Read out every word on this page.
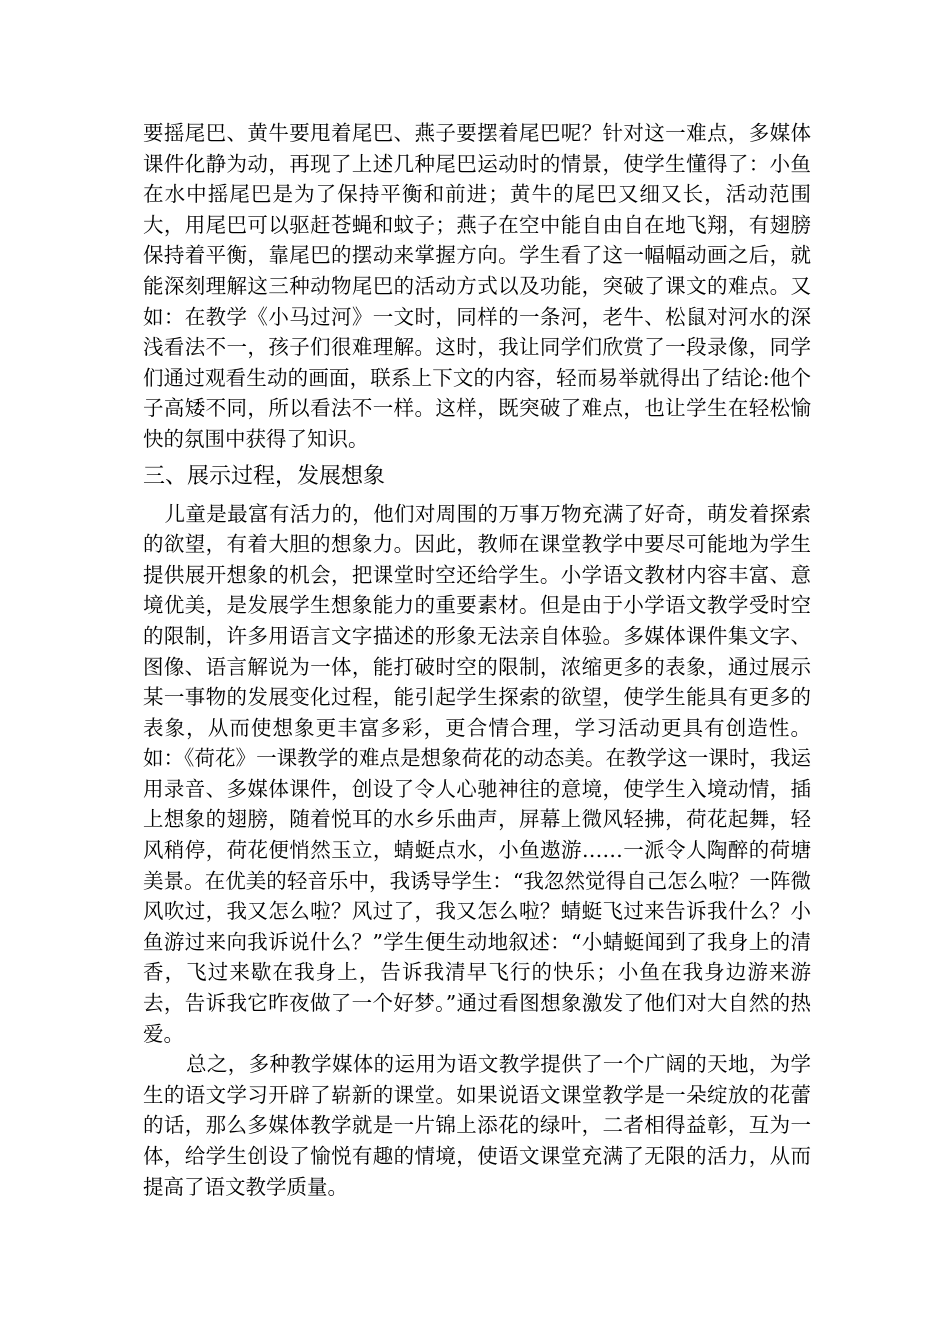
要摇尾巴、黄牛要甩着尾巴、燕子要摆着尾巴呢？针对这一难点，多媒体课件化静为动，再现了上述几种尾巴运动时的情景，使学生懂得了：小鱼在水中摇尾巴是为了保持平衡和前进；黄牛的尾巴又细又长，活动范围大，用尾巴可以驱赶苍蝇和蚊子；燕子在空中能自由自在地飞翔，有翅膀保持着平衡，靠尾巴的摆动来掌握方向。学生看了这一幅幅动画之后，就能深刻理解这三种动物尾巴的活动方式以及功能，突破了课文的难点。又如：在教学《小马过河》一文时，同样的一条河，老牛、松鼠对河水的深浅看法不一，孩子们很难理解。这时，我让同学们欣赏了一段录像，同学们通过观看生动的画面，联系上下文的内容，轻而易举就得出了结论:他个子高矮不同，所以看法不一样。这样，既突破了难点，也让学生在轻松愉快的氛围中获得了知识。

三、展示过程，发展想象

儿童是最富有活力的，他们对周围的万事万物充满了好奇，萌发着探索的欲望，有着大胆的想象力。因此，教师在课堂教学中要尽可能地为学生提供展开想象的机会，把课堂时空还给学生。小学语文教材内容丰富、意境优美，是发展学生想象能力的重要素材。但是由于小学语文教学受时空的限制，许多用语言文字描述的形象无法亲自体验。多媒体课件集文字、图像、语言解说为一体，能打破时空的限制，浓缩更多的表象，通过展示某一事物的发展变化过程，能引起学生探索的欲望，使学生能具有更多的表象，从而使想象更丰富多彩，更合情合理，学习活动更具有创造性。如：《荷花》一课教学的难点是想象荷花的动态美。在教学这一课时，我运用录音、多媒体课件，创设了令人心驰神往的意境，使学生入境动情，插上想象的翅膀，随着悦耳的水乡乐曲声，屏幕上微风轻拂，荷花起舞，轻风稍停，荷花便悄然玉立，蜻蜓点水，小鱼遨游……一派令人陶醉的荷塘美景。在优美的轻音乐中，我诱导学生：“我忽然觉得自己怎么啦？一阵微风吹过，我又怎么啦？风过了，我又怎么啦？蜻蜓飞过来告诉我什么？小鱼游过来向我诉说什么？”学生便生动地叙述：“小蜻蜓闻到了我身上的清香，飞过来歇在我身上，告诉我清早飞行的快乐；小鱼在我身边游来游去，告诉我它昨夜做了一个好梦。”通过看图想象激发了他们对大自然的热爱。

总之，多种教学媒体的运用为语文教学提供了一个广阔的天地，为学生的语文学习开辟了崭新的课堂。如果说语文课堂教学是一朵绽放的花蕾的话，那么多媒体教学就是一片锦上添花的绿叶，二者相得益彰，互为一体，给学生创设了愉悦有趣的情境，使语文课堂充满了无限的活力，从而提高了语文教学质量。
